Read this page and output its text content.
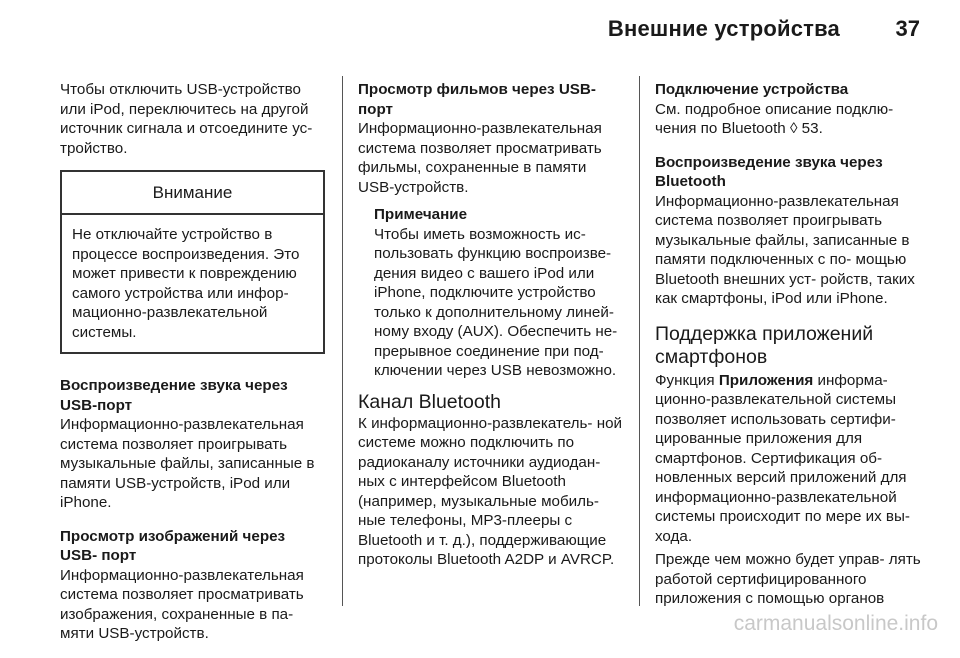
Внешние устройства	37

Чтобы отключить USB-устройство или iPod, переключитесь на другой источник сигнала и отсоедините ус- тройство.

Внимание
Не отключайте устройство в процессе воспроизведения. Это может привести к повреждению самого устройства или инфор- мационно-развлекательной системы.

Воспроизведение звука через USB-порт

Информационно-развлекательная система позволяет проигрывать музыкальные файлы, записанные в памяти USB-устройств, iPod или iPhone.

Просмотр изображений через USB- порт

Информационно-развлекательная система позволяет просматривать изображения, сохраненные в па- мяти USB-устройств.

Просмотр фильмов через USB- порт

Информационно-развлекательная система позволяет просматривать фильмы, сохраненные в памяти USB-устройств.

Примечание
Чтобы иметь возможность ис- пользовать функцию воспроизве- дения видео с вашего iPod или iPhone, подключите устройство только к дополнительному линей- ному входу (AUX). Обеспечить не- прерывное соединение при под- ключении через USB невозможно.

Канал Bluetooth

К информационно-развлекатель- ной системе можно подключить по радиоканалу источники аудиодан- ных с интерфейсом Bluetooth (например, музыкальные мобиль- ные телефоны, MP3-плееры с Bluetooth и т. д.), поддерживающие протоколы Bluetooth A2DP и AVRCP.

Подключение устройства

См. подробное описание подклю- чения по Bluetooth ◊ 53.

Воспроизведение звука через Bluetooth

Информационно-развлекательная система позволяет проигрывать музыкальные файлы, записанные в памяти подключенных с по- мощью Bluetooth внешних уст- ройств, таких как смартфоны, iPod или iPhone.

Поддержка приложений смартфонов

Функция Приложения информа- ционно-развлекательной системы позволяет использовать сертифи- цированные приложения для смартфонов. Сертификация об- новленных версий приложений для информационно-развлекательной системы происходит по мере их вы- хода.

Прежде чем можно будет управ- лять работой сертифицированного приложения с помощью органов

carmanualsonline.info
